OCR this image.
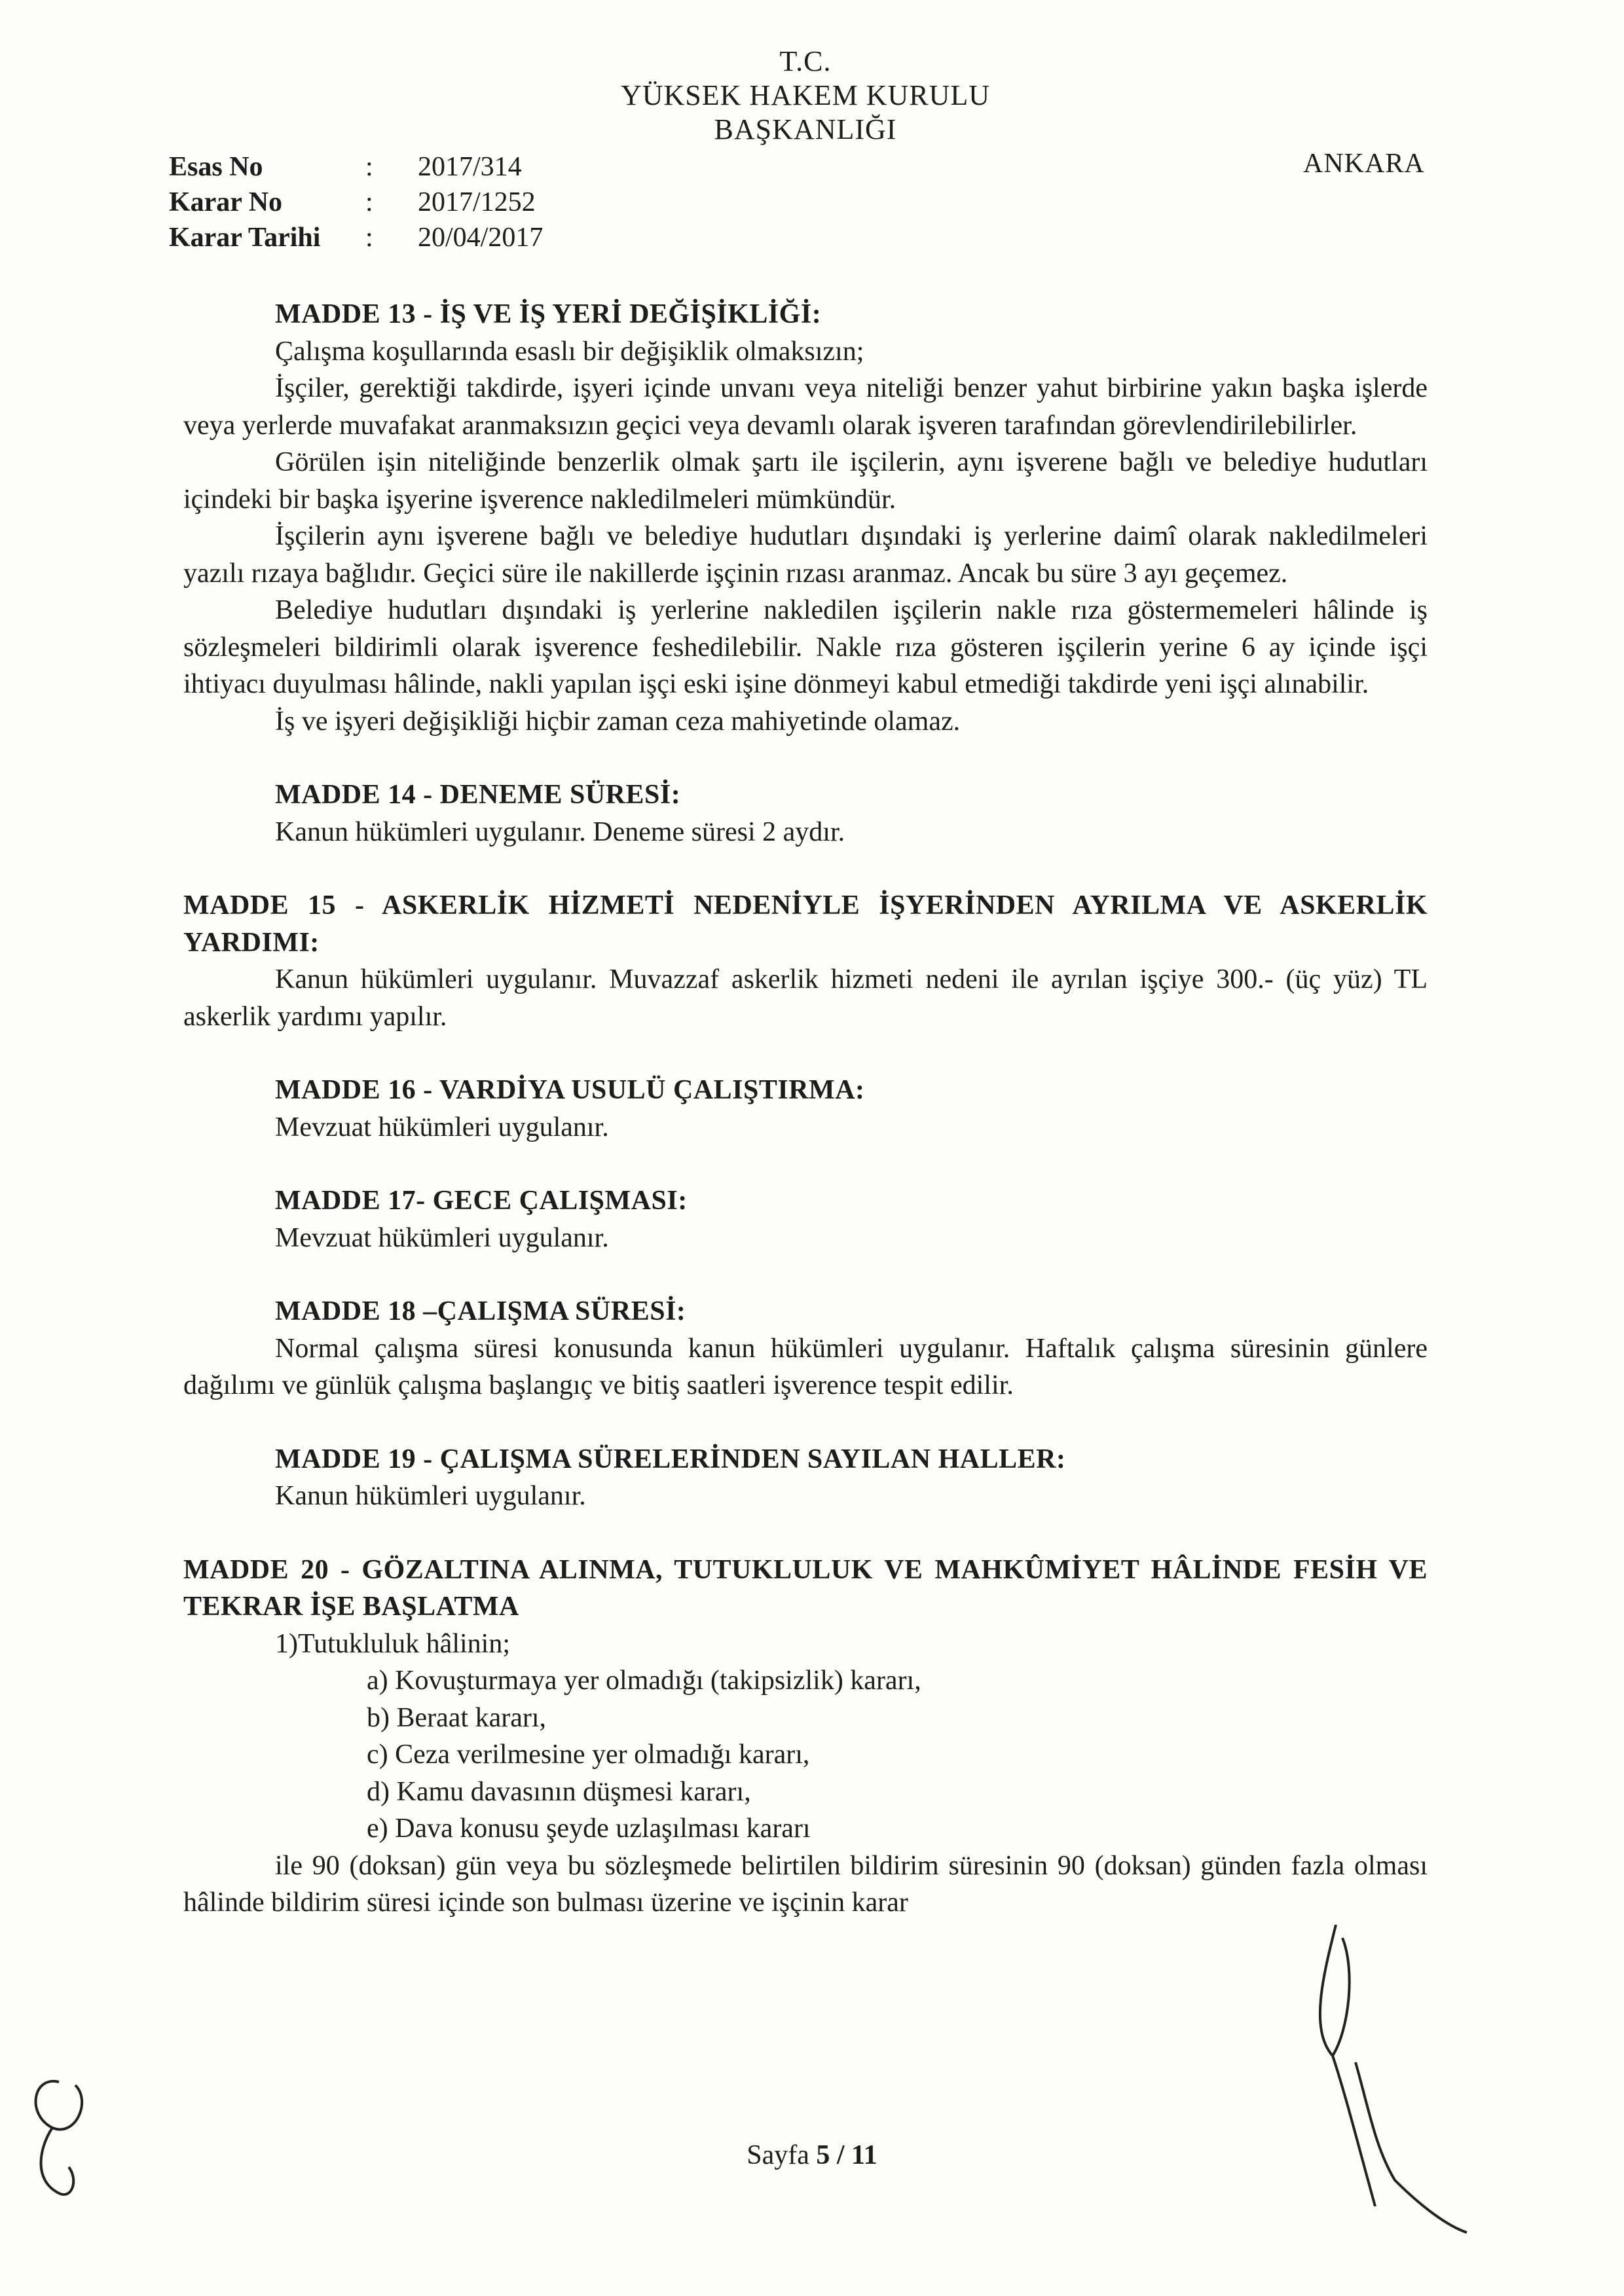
T.C.
YÜKSEK HAKEM KURULU
BAŞKANLIĞI
Esas No	:	2017/314
Karar No	:	2017/1252
Karar Tarihi	:	20/04/2017
ANKARA

MADDE 13 - İŞ VE İŞ YERİ DEĞİŞİKLİĞİ:

Çalışma koşullarında esaslı bir değişiklik olmaksızın;

İşçiler, gerektiği takdirde, işyeri içinde unvanı veya niteliği benzer yahut birbirine yakın başka işlerde veya yerlerde muvafakat aranmaksızın geçici veya devamlı olarak işveren tarafından görevlendirilebilirler.

Görülen işin niteliğinde benzerlik olmak şartı ile işçilerin, aynı işverene bağlı ve belediye hudutları içindeki bir başka işyerine işverence nakledilmeleri mümkündür.

İşçilerin aynı işverene bağlı ve belediye hudutları dışındaki iş yerlerine daimî olarak nakledilmeleri yazılı rızaya bağlıdır. Geçici süre ile nakillerde işçinin rızası aranmaz. Ancak bu süre 3 ayı geçemez.

Belediye hudutları dışındaki iş yerlerine nakledilen işçilerin nakle rıza göstermemeleri hâlinde iş sözleşmeleri bildirimli olarak işverence feshedilebilir. Nakle rıza gösteren işçilerin yerine 6 ay içinde işçi ihtiyacı duyulması hâlinde, nakli yapılan işçi eski işine dönmeyi kabul etmediği takdirde yeni işçi alınabilir.

İş ve işyeri değişikliği hiçbir zaman ceza mahiyetinde olamaz.

MADDE 14 - DENEME SÜRESİ:

Kanun hükümleri uygulanır. Deneme süresi 2 aydır.

MADDE 15 - ASKERLİK HİZMETİ NEDENİYLE İŞYERİNDEN AYRILMA VE ASKERLİK YARDIMI:

Kanun hükümleri uygulanır. Muvazzaf askerlik hizmeti nedeni ile ayrılan işçiye 300.- (üç yüz) TL askerlik yardımı yapılır.

MADDE 16 - VARDİYA USULÜ ÇALIŞTIRMA:

Mevzuat hükümleri uygulanır.

MADDE 17- GECE ÇALIŞMASI:

Mevzuat hükümleri uygulanır.

MADDE 18 –ÇALIŞMA SÜRESİ:

Normal çalışma süresi konusunda kanun hükümleri uygulanır. Haftalık çalışma süresinin günlere dağılımı ve günlük çalışma başlangıç ve bitiş saatleri işverence tespit edilir.

MADDE 19 - ÇALIŞMA SÜRELERİNDEN SAYILAN HALLER:

Kanun hükümleri uygulanır.

MADDE 20 - GÖZALTINA ALINMA, TUTUKLULUK VE MAHKÛMİYET HÂLİNDE FESİH VE TEKRAR İŞE BAŞLATMA

1)Tutukluluk hâlinin;

a) Kovuşturmaya yer olmadığı (takipsizlik) kararı,

b) Beraat kararı,

c) Ceza verilmesine yer olmadığı kararı,

d) Kamu davasının düşmesi kararı,

e) Dava konusu şeyde uzlaşılması kararı

ile 90 (doksan) gün veya bu sözleşmede belirtilen bildirim süresinin 90 (doksan) günden fazla olması hâlinde bildirim süresi içinde son bulması üzerine ve işçinin karar

Sayfa 5 / 11
